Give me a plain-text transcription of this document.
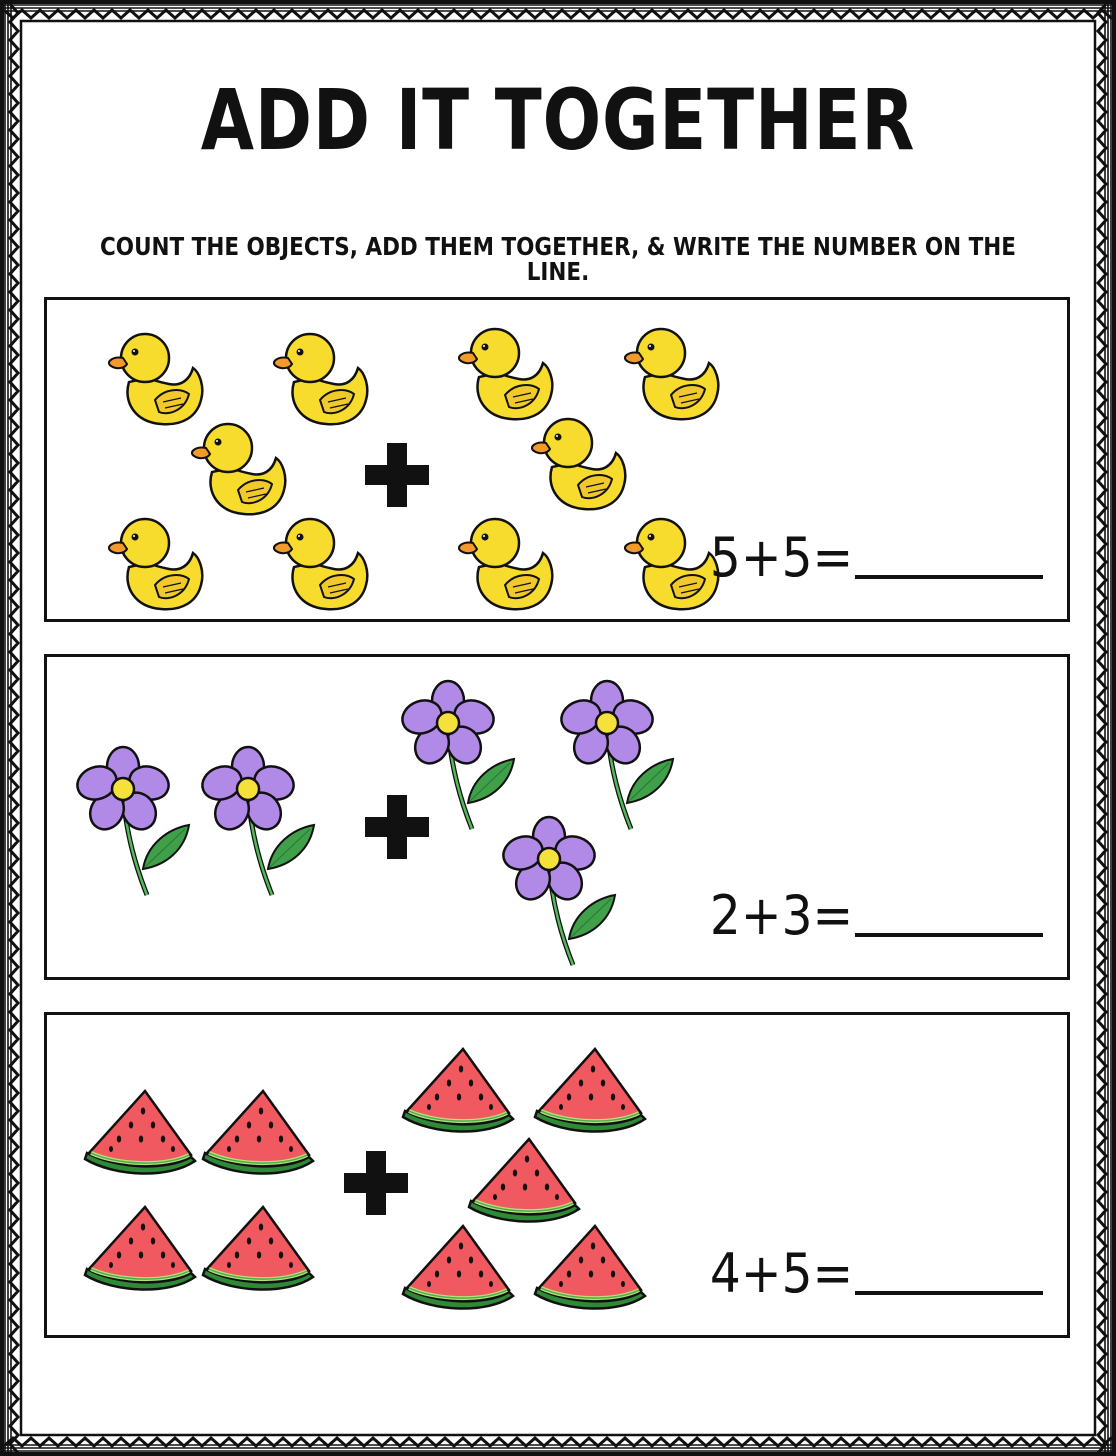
ADD IT TOGETHER
COUNT THE OBJECTS, ADD THEM TOGETHER, & WRITE THE NUMBER ON THE LINE.
5+5=
2+3=
4+5=
